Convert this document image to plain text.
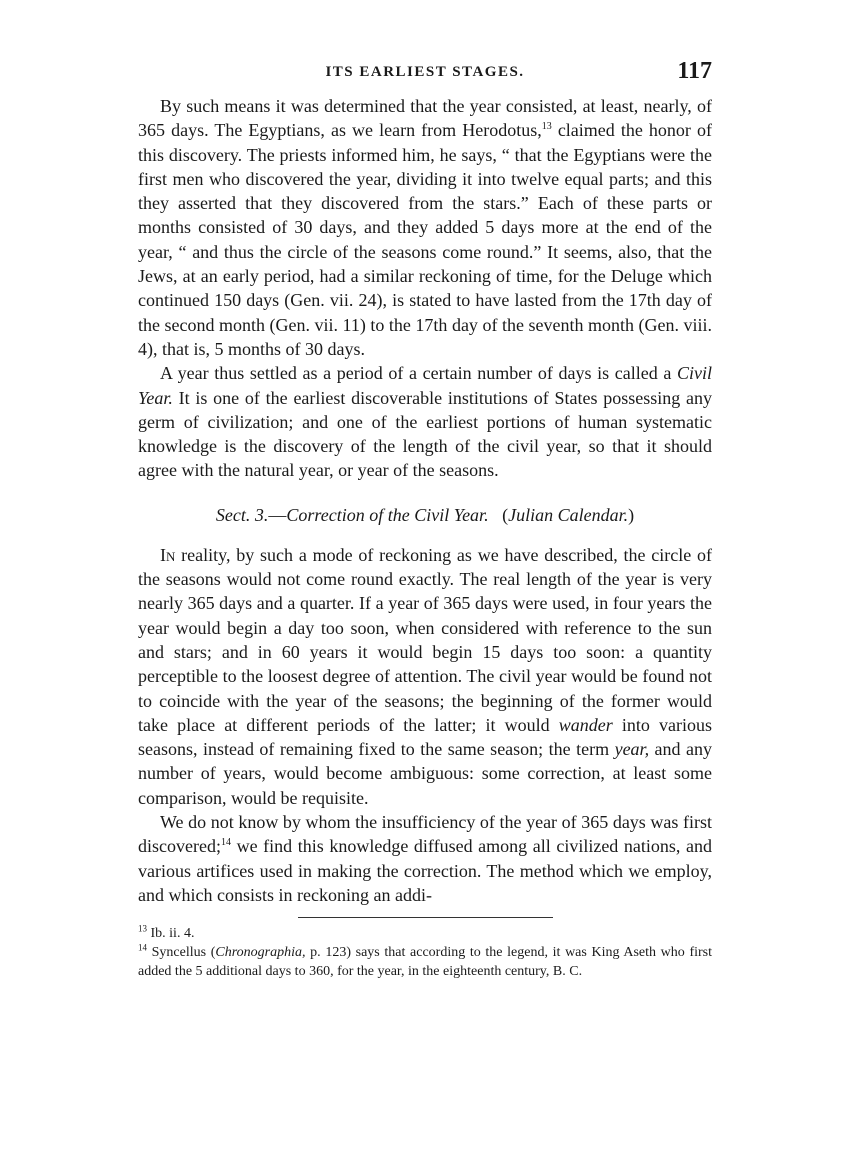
ITS EARLIEST STAGES.	117

By such means it was determined that the year consisted, at least, nearly, of 365 days. The Egyptians, as we learn from Herodotus,$^{13}$ claimed the honor of this discovery. The priests informed him, he says, “ that the Egyptians were the first men who discovered the year, dividing it into twelve equal parts; and this they asserted that they discovered from the stars.” Each of these parts or months consisted of 30 days, and they added 5 days more at the end of the year, “ and thus the circle of the seasons come round.” It seems, also, that the Jews, at an early period, had a similar reckoning of time, for the Deluge which continued 150 days (Gen. vii. 24), is stated to have lasted from the 17th day of the second month (Gen. vii. 11) to the 17th day of the seventh month (Gen. viii. 4), that is, 5 months of 30 days.

A year thus settled as a period of a certain number of days is called a Civil Year. It is one of the earliest discoverable institutions of States possessing any germ of civilization; and one of the earliest portions of human systematic knowledge is the discovery of the length of the civil year, so that it should agree with the natural year, or year of the seasons.

Sect. 3.—Correction of the Civil Year. (Julian Calendar.)

In reality, by such a mode of reckoning as we have described, the circle of the seasons would not come round exactly. The real length of the year is very nearly 365 days and a quarter. If a year of 365 days were used, in four years the year would begin a day too soon, when considered with reference to the sun and stars; and in 60 years it would begin 15 days too soon: a quantity perceptible to the loosest degree of attention. The civil year would be found not to coincide with the year of the seasons; the beginning of the former would take place at different periods of the latter; it would wander into various seasons, instead of remaining fixed to the same season; the term year, and any number of years, would become ambiguous: some correction, at least some comparison, would be requisite.

We do not know by whom the insufficiency of the year of 365 days was first discovered;$^{14}$ we find this knowledge diffused among all civilized nations, and various artifices used in making the correction. The method which we employ, and which consists in reckoning an addi-

$^{13}$ Ib. ii. 4.

$^{14}$ Syncellus (Chronographia, p. 123) says that according to the legend, it was King Aseth who first added the 5 additional days to 360, for the year, in the eighteenth century, B. C.
